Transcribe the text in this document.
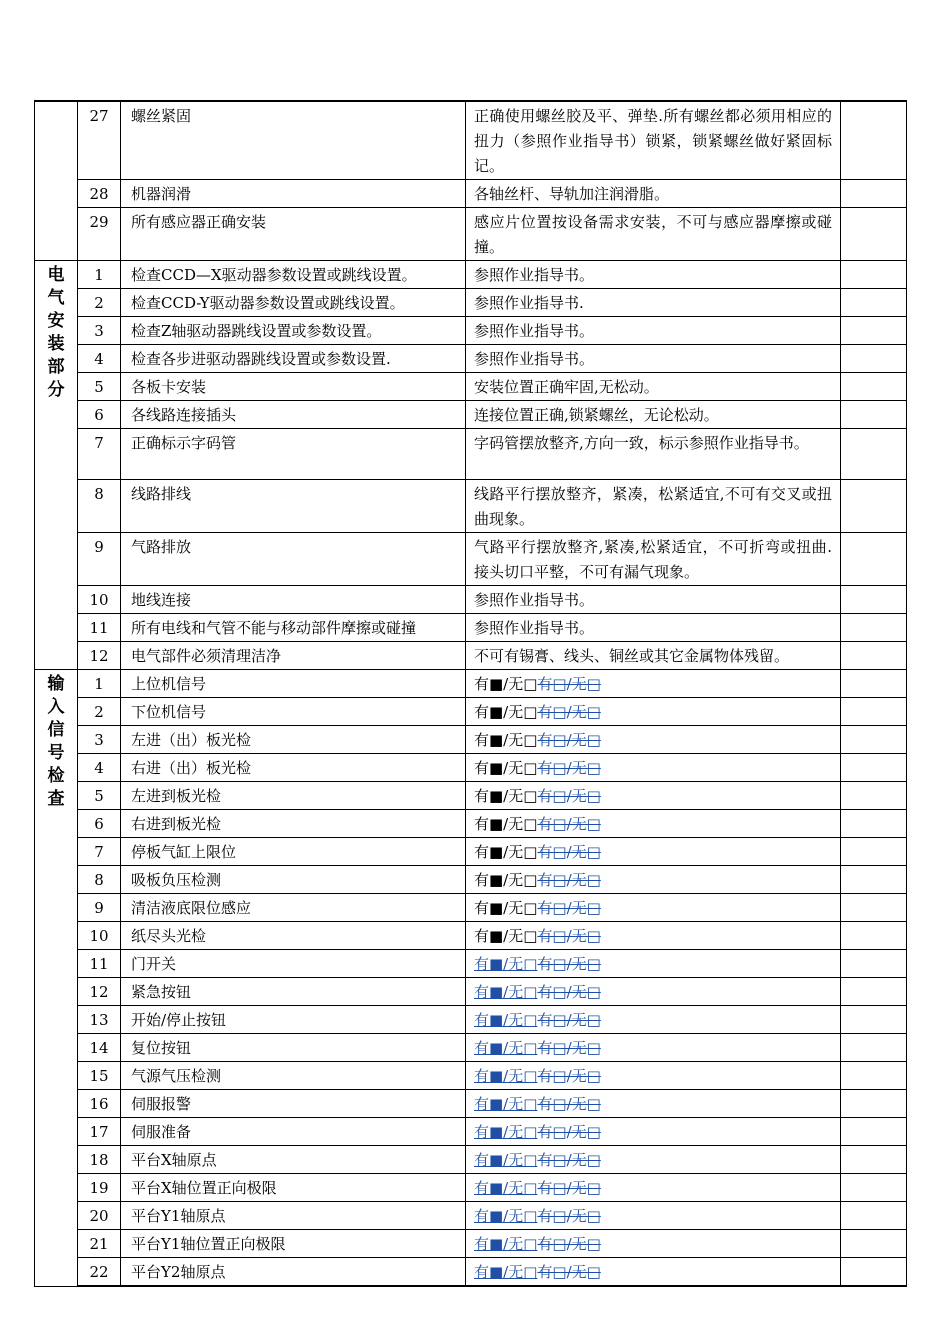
	27	螺丝紧固	正确使用螺丝胶及平、弹垫.所有螺丝都必须用相应的扭力（参照作业指导书）锁紧，锁紧螺丝做好紧固标记。	

	28	机器润滑	各轴丝杆、导轨加注润滑脂。	

	29	所有感应器正确安装	感应片位置按设备需求安装，不可与感应器摩擦或碰撞。	

电气安装部分	1	检查CCD—X驱动器参数设置或跳线设置。	参照作业指导书。	

	2	检查CCD-Y驱动器参数设置或跳线设置。	参照作业指导书.	

	3	检查Z轴驱动器跳线设置或参数设置。	参照作业指导书。	

	4	检查各步进驱动器跳线设置或参数设置.	参照作业指导书。	

	5	各板卡安装	安装位置正确牢固,无松动。	

	6	各线路连接插头	连接位置正确,锁紧螺丝，无论松动。	

	7	正确标示字码管	字码管摆放整齐,方向一致，标示参照作业指导书。	

	8	线路排线	线路平行摆放整齐，紧凑，松紧适宜,不可有交叉或扭曲现象。	

	9	气路排放	气路平行摆放整齐,紧凑,松紧适宜，不可折弯或扭曲.接头切口平整，不可有漏气现象。	

	10	地线连接	参照作业指导书。	

	11	所有电线和气管不能与移动部件摩擦或碰撞	参照作业指导书。	

	12	电气部件必须清理洁净	不可有锡膏、线头、铜丝或其它金属物体残留。	

输入信号检查	1	上位机信号	有■/无□有□/无□	

	2	下位机信号	有■/无□有□/无□	

	3	左进（出）板光检	有■/无□有□/无□	

	4	右进（出）板光检	有■/无□有□/无□	

	5	左进到板光检	有■/无□有□/无□	

	6	右进到板光检	有■/无□有□/无□	

	7	停板气缸上限位	有■/无□有□/无□	

	8	吸板负压检测	有■/无□有□/无□	

	9	清洁液底限位感应	有■/无□有□/无□	

	10	纸尽头光检	有■/无□有□/无□	

	11	门开关	有■/无□有□/无□	

	12	紧急按钮	有■/无□有□/无□	

	13	开始/停止按钮	有■/无□有□/无□	

	14	复位按钮	有■/无□有□/无□	

	15	气源气压检测	有■/无□有□/无□	

	16	伺服报警	有■/无□有□/无□	

	17	伺服准备	有■/无□有□/无□	

	18	平台X轴原点	有■/无□有□/无□	

	19	平台X轴位置正向极限	有■/无□有□/无□	

	20	平台Y1轴原点	有■/无□有□/无□	

	21	平台Y1轴位置正向极限	有■/无□有□/无□	

	22	平台Y2轴原点	有■/无□有□/无□	
